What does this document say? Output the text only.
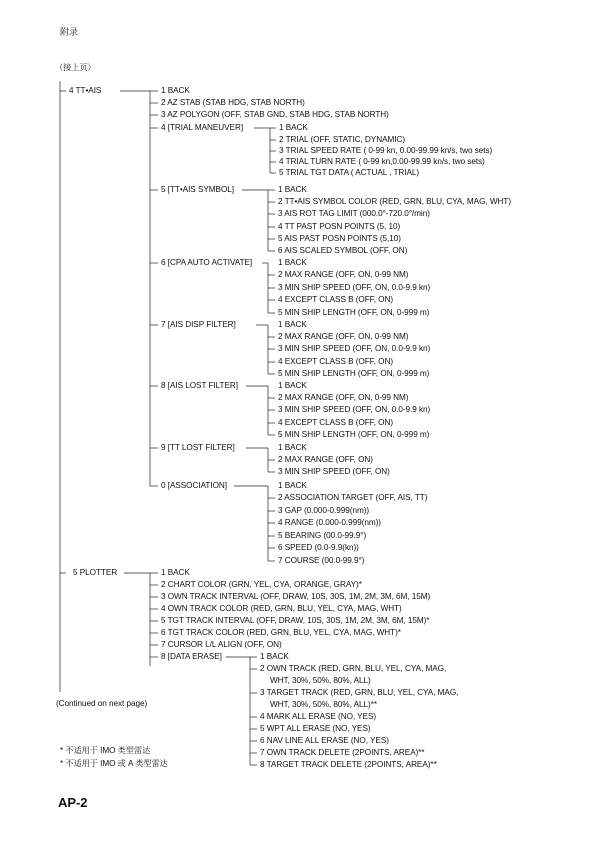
附录
（接上页）
4 TT•AIS	1 BACK
2 AZ STAB (STAB HDG, STAB NORTH)
3 AZ POLYGON (OFF, STAB GND, STAB HDG, STAB NORTH)
4 [TRIAL MANEUVER]
5 [TT•AIS SYMBOL]
6 [CPA AUTO ACTIVATE]
7 [AIS DISP FILTER]
8 [AIS LOST FILTER]
9 [TT LOST FILTER]
0 [ASSOCIATION]
1 BACK
2 TRIAL (OFF, STATIC, DYNAMIC)
3 TRIAL SPEED RATE ( 0-99 kn, 0.00-99.99 kn/s, two sets)
4 TRIAL TURN RATE ( 0-99 kn,0.00-99.99 kn/s, two sets)
5 TRIAL TGT DATA ( ACTUAL , TRIAL)
1 BACK
2 TT•AIS SYMBOL COLOR (RED, GRN, BLU, CYA, MAG, WHT)
3 AIS ROT TAG LIMIT (000.0°-720.0°/min)
4 TT PAST POSN POINTS (5, 10)
5 AIS PAST POSN POINTS (5,10)
6 AIS SCALED SYMBOL (OFF, ON)
1 BACK
2 MAX RANGE (OFF, ON, 0-99 NM)
3 MIN SHIP SPEED (OFF, ON, 0.0-9.9 kn)
4 EXCEPT CLASS B (OFF, ON)
5 MIN SHIP LENGTH (OFF, ON, 0-999 m)
1 BACK
2 MAX RANGE (OFF, ON, 0-99 NM)
3 MIN SHIP SPEED (OFF, ON, 0.0-9.9 kn)
4 EXCEPT CLASS B (OFF, ON)
5 MIN SHIP LENGTH (OFF, ON, 0-999 m)
1 BACK
2 MAX RANGE (OFF, ON, 0-99 NM)
3 MIN SHIP SPEED (OFF, ON, 0.0-9.9 kn)
4 EXCEPT CLASS B (OFF, ON)
5 MIN SHIP LENGTH (OFF, ON, 0-999 m)
1 BACK
2 MAX RANGE (OFF, ON)
3 MIN SHIP SPEED (OFF, ON)
1 BACK
2 ASSOCIATION TARGET (OFF, AIS, TT)
3 GAP (0.000-0.999(nm))
4 RANGE (0.000-0.999(nm))
5 BEARING (00.0-99.9°)
6 SPEED (0.0-9.9(kn))
7 COURSE (00.0-99.9°)
5 PLOTTER	1 BACK
2 CHART COLOR (GRN, YEL, CYA, ORANGE, GRAY)*
3 OWN TRACK INTERVAL (OFF, DRAW, 10S, 30S, 1M, 2M, 3M, 6M, 15M)
4 OWN TRACK COLOR (RED, GRN, BLU, YEL, CYA, MAG, WHT)
5 TGT TRACK INTERVAL (OFF, DRAW, 10S, 30S, 1M, 2M, 3M, 6M, 15M)*
6 TGT TRACK COLOR (RED, GRN, BLU, YEL, CYA, MAG, WHT)*
7 CURSOR L/L ALIGN (OFF, ON)
8 [DATA ERASE]	1 BACK
2 OWN TRACK (RED, GRN, BLU, YEL, CYA, MAG,
WHT, 30%, 50%, 80%, ALL)
3 TARGET TRACK (RED, GRN, BLU, YEL, CYA, MAG,
WHT, 30%, 50%, 80%, ALL)**
4 MARK ALL ERASE (NO, YES)
5 WPT ALL ERASE (NO, YES)
6 NAV LINE ALL ERASE (NO, YES)
7 OWN TRACK DELETE (2POINTS, AREA)**
8 TARGET TRACK DELETE (2POINTS, AREA)**
(Continued on next page)
* 不适用于 IMO 类型雷达
* 不适用于 IMO 或 A 类型雷达
AP-2
